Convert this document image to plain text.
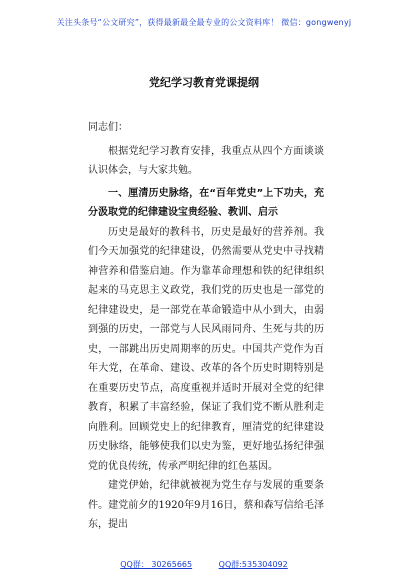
关注头条号“公文研究”，获得最新最全最专业的公文资料库！ 微信：gongwenyj
党纪学习教育党课提纲

同志们：

根据党纪学习教育安排，我重点从四个方面谈谈认识体会，与大家共勉。

一、厘清历史脉络，在“百年党史”上下功夫，充分汲取党的纪律建设宝贵经验、教训、启示

历史是最好的教科书，历史是最好的营养剂。我们今天加强党的纪律建设，仍然需要从党史中寻找精神营养和借鉴启迪。作为靠革命理想和铁的纪律组织起来的马克思主义政党，我们党的历史也是一部党的纪律建设史，是一部党在革命锻造中从小到大，由弱到强的历史，一部党与人民风雨同舟、生死与共的历史，一部跳出历史周期率的历史。中国共产党作为百年大党，在革命、建设、改革的各个历史时期特别是在重要历史节点，高度重视并适时开展对全党的纪律教育，积累了丰富经验，保证了我们党不断从胜利走向胜利。回顾党史上的纪律教育，厘清党的纪律建设历史脉络，能够使我们以史为鉴，更好地弘扬纪律强党的优良传统，传承严明纪律的红色基因。

建党伊始，纪律就被视为党生存与发展的重要条件。建党前夕的1920年9月16日，蔡和森写信给毛泽东，提出

QQ群： 30265665	QQ群:535304092
